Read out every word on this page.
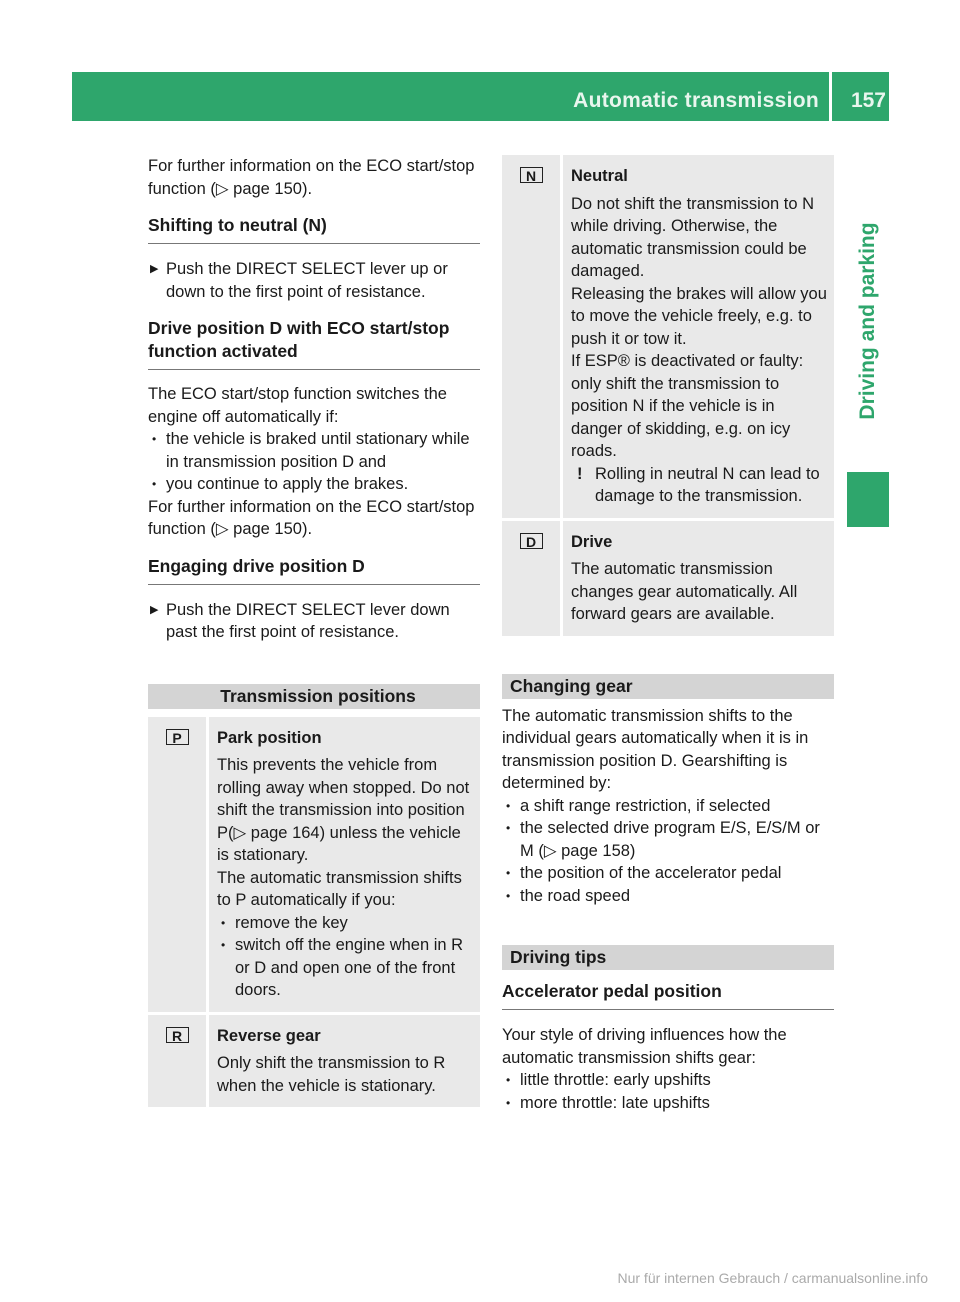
Automatic transmission 157
Driving and parking

For further information on the ECO start/stop function (▷ page 150).

Shifting to neutral (N)

▶ Push the DIRECT SELECT lever up or down to the first point of resistance.

Drive position D with ECO start/stop function activated

The ECO start/stop function switches the engine off automatically if:

• the vehicle is braked until stationary while in transmission position D and

• you continue to apply the brakes.

For further information on the ECO start/stop function (▷ page 150).

Engaging drive position D

▶ Push the DIRECT SELECT lever down past the first point of resistance.

Transmission positions
P	Park position

This prevents the vehicle from rolling away when stopped. Do not shift the transmission into position P(▷ page 164) unless the vehicle is stationary.

The automatic transmission shifts to P automatically if you:

• remove the key

• switch off the engine when in R or D and open one of the front doors.

R	Reverse gear

Only shift the transmission to R when the vehicle is stationary.

N	Neutral

Do not shift the transmission to N while driving. Otherwise, the automatic transmission could be damaged.

Releasing the brakes will allow you to move the vehicle freely, e.g. to push it or tow it.

If ESP® is deactivated or faulty: only shift the transmission to position N if the vehicle is in danger of skidding, e.g. on icy roads.

! Rolling in neutral N can lead to damage to the transmission.

D	Drive

The automatic transmission changes gear automatically. All forward gears are available.

Changing gear

The automatic transmission shifts to the individual gears automatically when it is in transmission position D. Gearshifting is determined by:

• a shift range restriction, if selected

• the selected drive program E/S, E/S/M or M (▷ page 158)

• the position of the accelerator pedal

• the road speed

Driving tips

Accelerator pedal position

Your style of driving influences how the automatic transmission shifts gear:

• little throttle: early upshifts

• more throttle: late upshifts

Nur für internen Gebrauch / carmanualsonline.info
